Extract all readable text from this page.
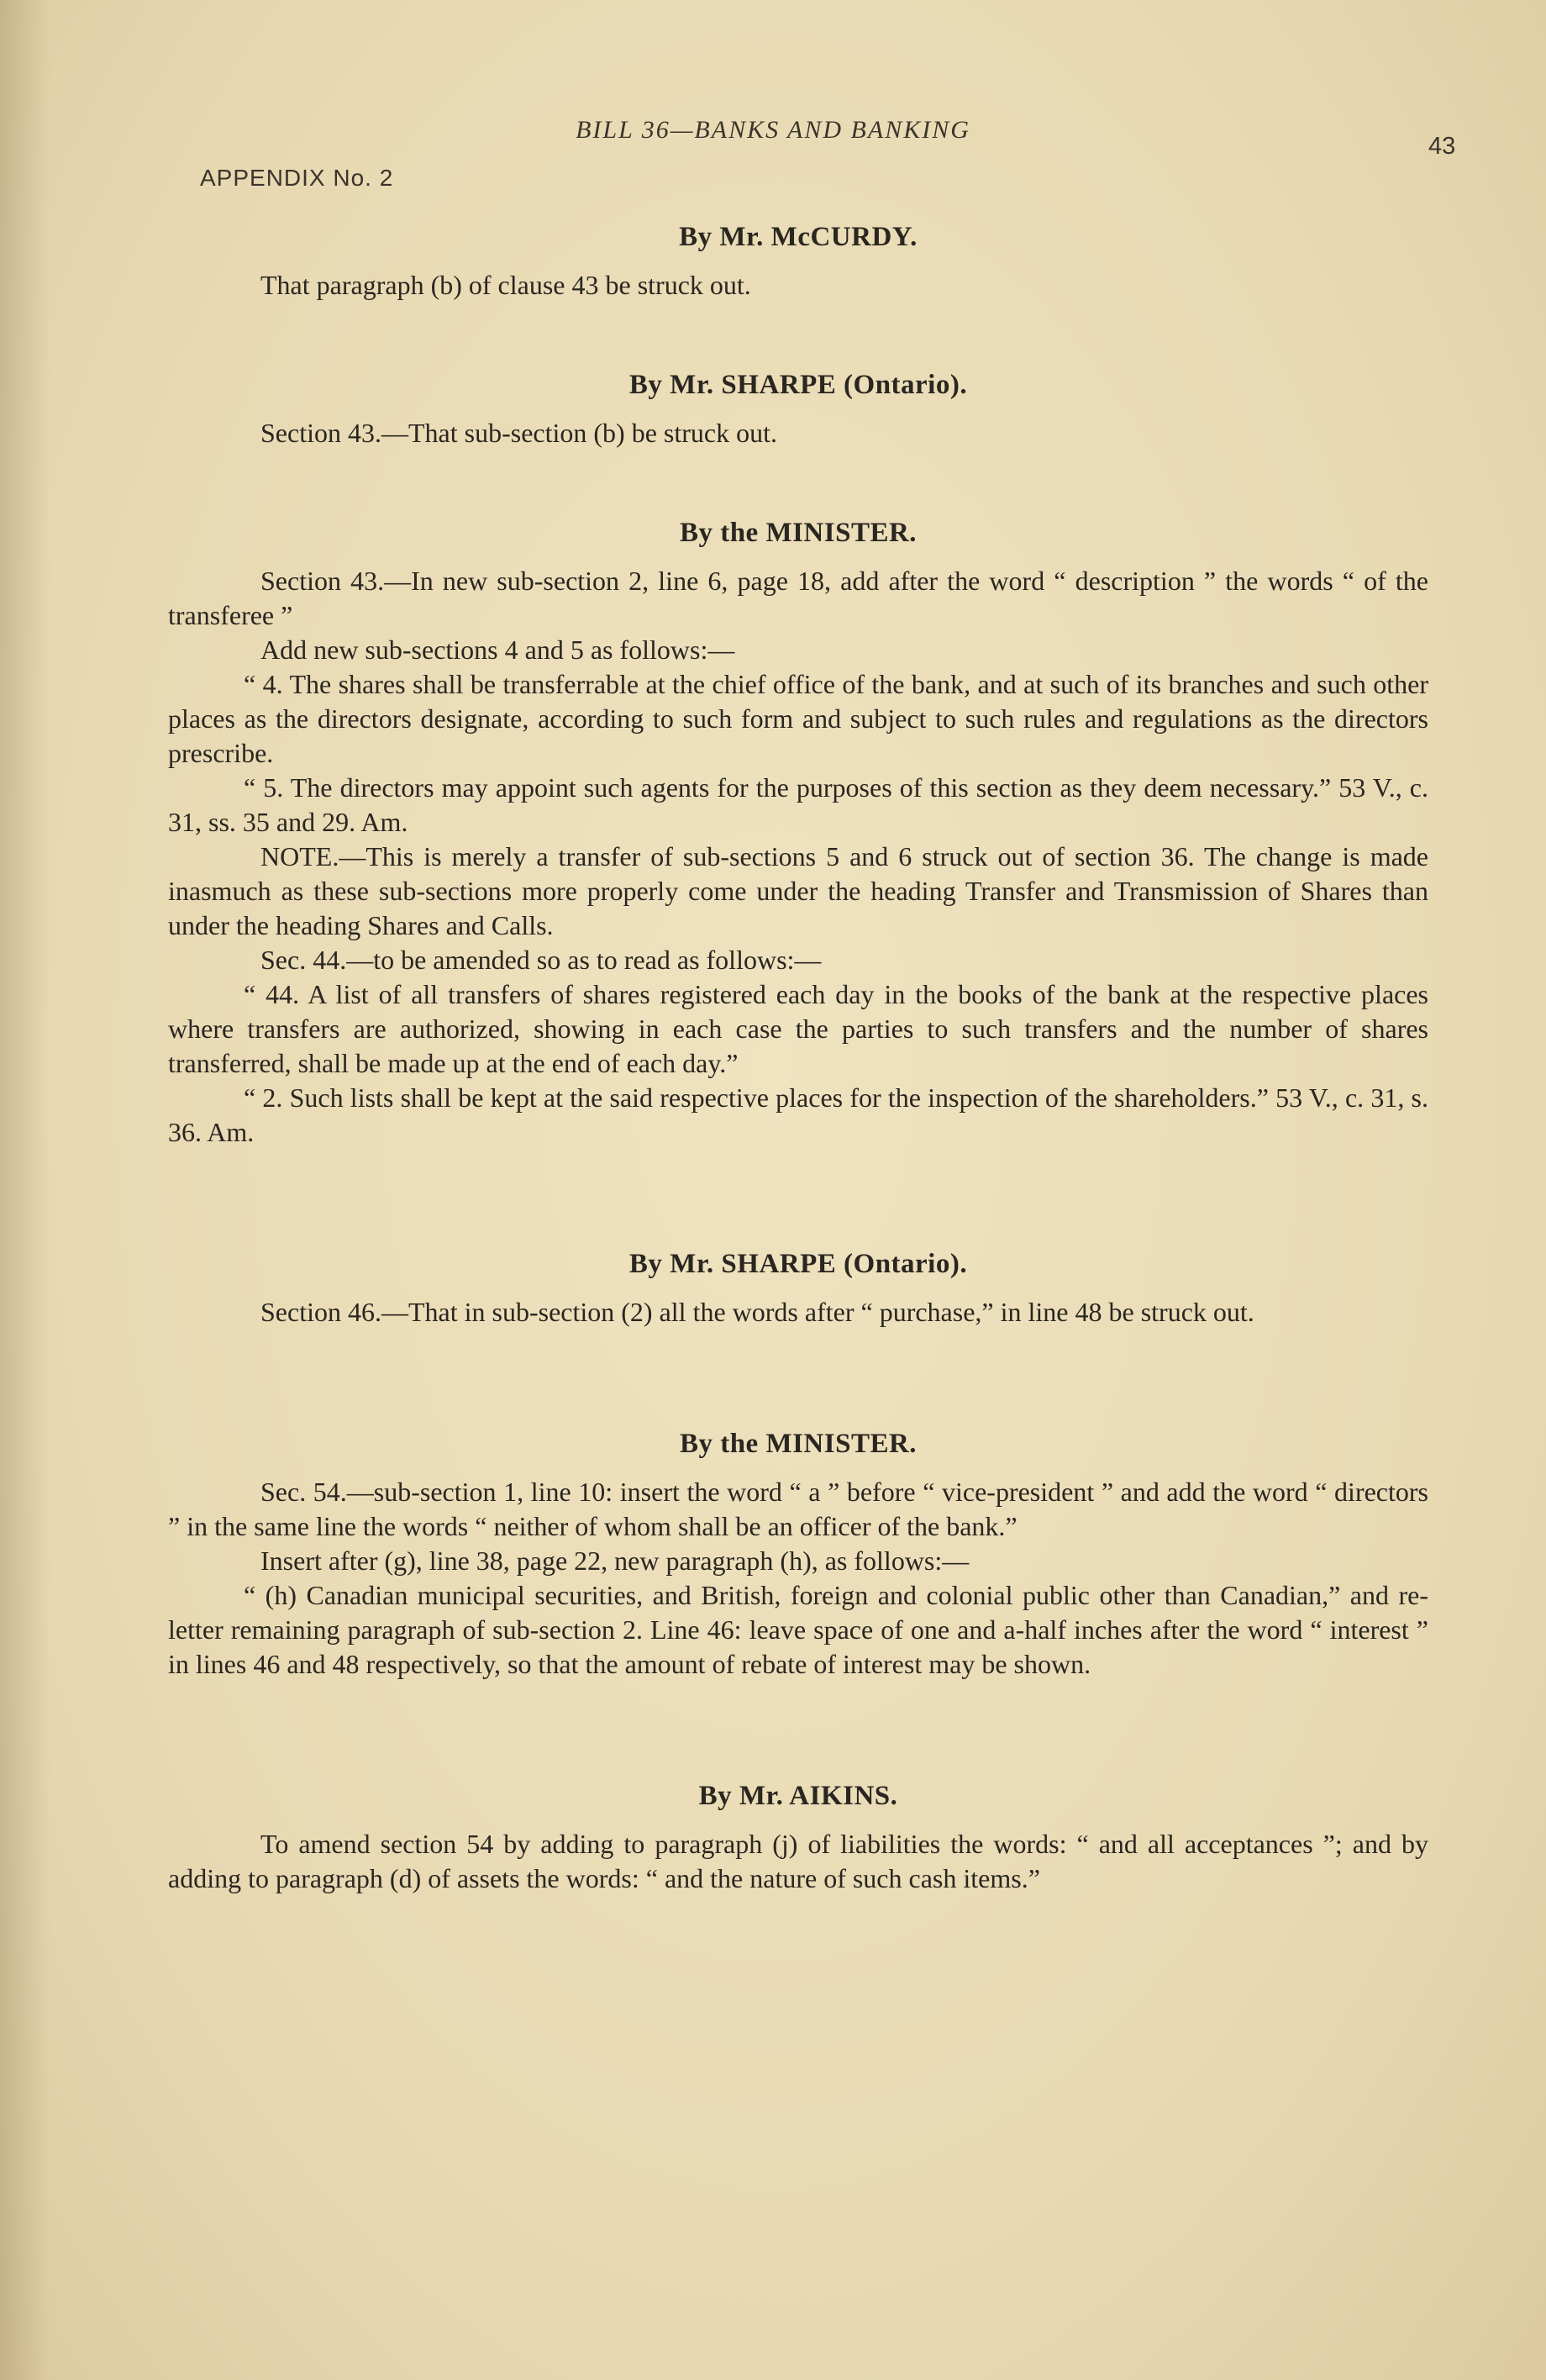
BILL 36—BANKS AND BANKING
APPENDIX No. 2
43
By Mr. McCURDY.

That paragraph (b) of clause 43 be struck out.

By Mr. SHARPE (Ontario).

Section 43.—That sub-section (b) be struck out.

By the MINISTER.

Section 43.—In new sub-section 2, line 6, page 18, add after the word “ description ” the words “ of the transferee ”

Add new sub-sections 4 and 5 as follows:—

“ 4. The shares shall be transferrable at the chief office of the bank, and at such of its branches and such other places as the directors designate, according to such form and subject to such rules and regulations as the directors prescribe.

“ 5. The directors may appoint such agents for the purposes of this section as they deem necessary.” 53 V., c. 31, ss. 35 and 29. Am.

NOTE.—This is merely a transfer of sub-sections 5 and 6 struck out of section 36. The change is made inasmuch as these sub-sections more properly come under the heading Transfer and Transmission of Shares than under the heading Shares and Calls.

Sec. 44.—to be amended so as to read as follows:—

“ 44. A list of all transfers of shares registered each day in the books of the bank at the respective places where transfers are authorized, showing in each case the parties to such transfers and the number of shares transferred, shall be made up at the end of each day.”

“ 2. Such lists shall be kept at the said respective places for the inspection of the shareholders.” 53 V., c. 31, s. 36. Am.

By Mr. SHARPE (Ontario).

Section 46.—That in sub-section (2) all the words after “ purchase,” in line 48 be struck out.

By the MINISTER.

Sec. 54.—sub-section 1, line 10: insert the word “ a ” before “ vice-president ” and add the word “ directors ” in the same line the words “ neither of whom shall be an officer of the bank.”

Insert after (g), line 38, page 22, new paragraph (h), as follows:—

“ (h) Canadian municipal securities, and British, foreign and colonial public other than Canadian,” and re-letter remaining paragraph of sub-section 2. Line 46: leave space of one and a-half inches after the word “ interest ” in lines 46 and 48 respectively, so that the amount of rebate of interest may be shown.

By Mr. AIKINS.

To amend section 54 by adding to paragraph (j) of liabilities the words: “ and all acceptances ”; and by adding to paragraph (d) of assets the words: “ and the nature of such cash items.”
